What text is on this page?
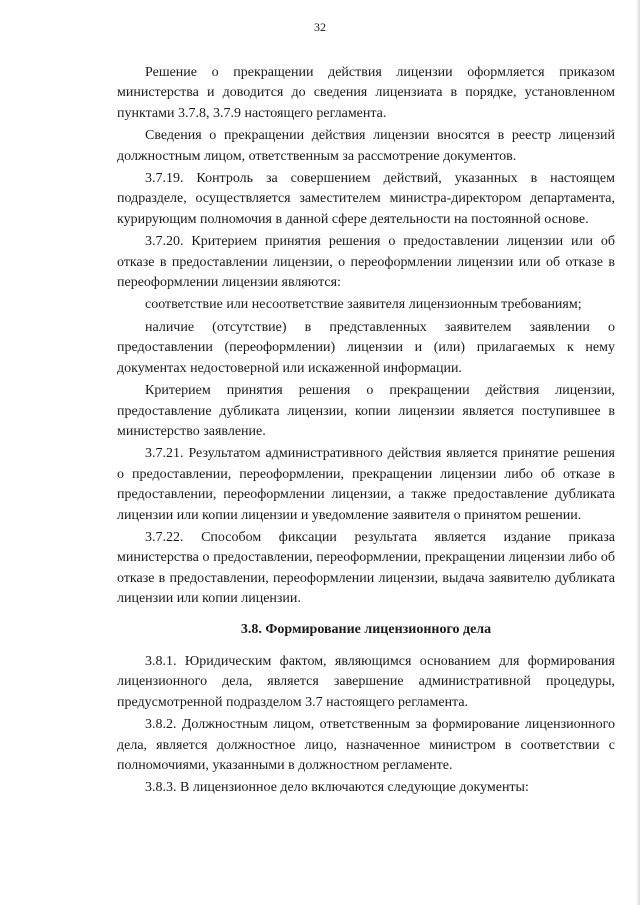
32

Решение о прекращении действия лицензии оформляется приказом министерства и доводится до сведения лицензиата в порядке, установленном пунктами 3.7.8, 3.7.9 настоящего регламента.

Сведения о прекращении действия лицензии вносятся в реестр лицензий должностным лицом, ответственным за рассмотрение документов.

3.7.19. Контроль за совершением действий, указанных в настоящем подразделе, осуществляется заместителем министра-директором департамента, курирующим полномочия в данной сфере деятельности на постоянной основе.

3.7.20. Критерием принятия решения о предоставлении лицензии или об отказе в предоставлении лицензии, о переоформлении лицензии или об отказе в переоформлении лицензии являются:

соответствие или несоответствие заявителя лицензионным требованиям;

наличие (отсутствие) в представленных заявителем заявлении о предоставлении (переоформлении) лицензии и (или) прилагаемых к нему документах недостоверной или искаженной информации.

Критерием принятия решения о прекращении действия лицензии, предоставление дубликата лицензии, копии лицензии является поступившее в министерство заявление.

3.7.21. Результатом административного действия является принятие решения о предоставлении, переоформлении, прекращении лицензии либо об отказе в предоставлении, переоформлении лицензии, а также предоставление дубликата лицензии или копии лицензии и уведомление заявителя о принятом решении.

3.7.22. Способом фиксации результата является издание приказа министерства о предоставлении, переоформлении, прекращении лицензии либо об отказе в предоставлении, переоформлении лицензии, выдача заявителю дубликата лицензии или копии лицензии.

3.8. Формирование лицензионного дела

3.8.1. Юридическим фактом, являющимся основанием для формирования лицензионного дела, является завершение административной процедуры, предусмотренной подразделом 3.7 настоящего регламента.

3.8.2. Должностным лицом, ответственным за формирование лицензионного дела, является должностное лицо, назначенное министром в соответствии с полномочиями, указанными в должностном регламенте.

3.8.3. В лицензионное дело включаются следующие документы:
